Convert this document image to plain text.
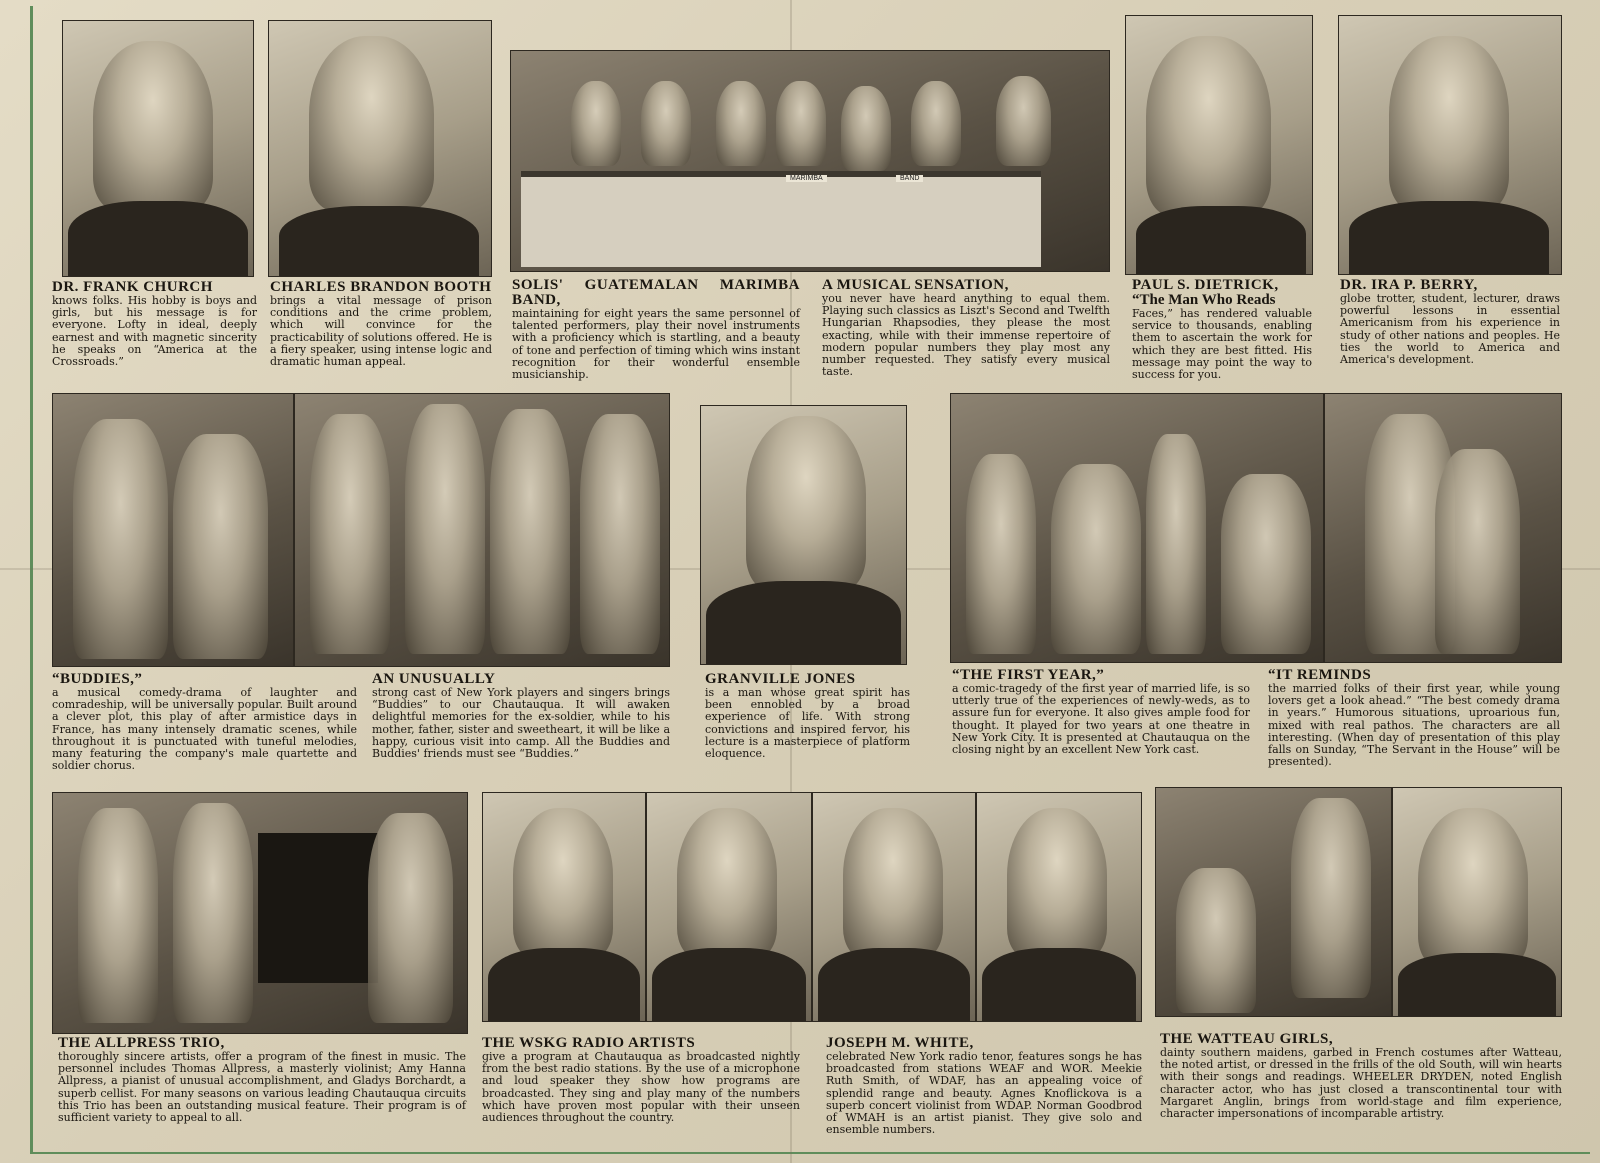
MARIMBA	BAND
DR. FRANK CHURCH
knows folks. His hobby is boys and girls, but his message is for everyone. Lofty in ideal, deeply earnest and with magnetic sincerity he speaks on “America at the Crossroads.”
CHARLES BRANDON BOOTH
brings a vital message of prison conditions and the crime problem, which will convince for the practicability of solutions offered. He is a fiery speaker, using intense logic and dramatic human appeal.
SOLIS' GUATEMALAN MARIMBA BAND,
maintaining for eight years the same personnel of talented performers, play their novel instruments with a proficiency which is startling, and a beauty of tone and perfection of timing which wins instant recognition for their wonderful ensemble musicianship.
A MUSICAL SENSATION,
you never have heard anything to equal them. Playing such classics as Liszt's Second and Twelfth Hungarian Rhapsodies, they please the most exacting, while with their immense repertoire of modern popular numbers they play most any number requested. They satisfy every musical taste.
PAUL S. DIETRICK,
“The Man Who Reads
Faces,” has rendered valuable service to thousands, enabling them to ascertain the work for which they are best fitted. His message may point the way to success for you.
DR. IRA P. BERRY,
globe trotter, student, lecturer, draws powerful lessons in essential Americanism from his experience in study of other nations and peoples. He ties the world to America and America's development.
“BUDDIES,”
a musical comedy-drama of laughter and comradeship, will be universally popular. Built around a clever plot, this play of after armistice days in France, has many intensely dramatic scenes, while throughout it is punctuated with tuneful melodies, many featuring the company's male quartette and soldier chorus.
AN UNUSUALLY
strong cast of New York players and singers brings “Buddies” to our Chautauqua. It will awaken delightful memories for the ex-soldier, while to his mother, father, sister and sweetheart, it will be like a happy, curious visit into camp. All the Buddies and Buddies' friends must see “Buddies.”
GRANVILLE JONES
is a man whose great spirit has been ennobled by a broad experience of life. With strong convictions and inspired fervor, his lecture is a masterpiece of platform eloquence.
“THE FIRST YEAR,”
a comic-tragedy of the first year of married life, is so utterly true of the experiences of newly-weds, as to assure fun for everyone. It also gives ample food for thought. It played for two years at one theatre in New York City. It is presented at Chautauqua on the closing night by an excellent New York cast.
“IT REMINDS
the married folks of their first year, while young lovers get a look ahead.” “The best comedy drama in years.” Humorous situations, uproarious fun, mixed with real pathos. The characters are all interesting. (When day of presentation of this play falls on Sunday, “The Servant in the House” will be presented).
THE ALLPRESS TRIO,
thoroughly sincere artists, offer a program of the finest in music. The personnel includes Thomas Allpress, a masterly violinist; Amy Hanna Allpress, a pianist of unusual accomplishment, and Gladys Borchardt, a superb cellist. For many seasons on various leading Chautauqua circuits this Trio has been an outstanding musical feature. Their program is of sufficient variety to appeal to all.
THE WSKG RADIO ARTISTS
give a program at Chautauqua as broadcasted nightly from the best radio stations. By the use of a microphone and loud speaker they show how programs are broadcasted. They sing and play many of the numbers which have proven most popular with their unseen audiences throughout the country.
JOSEPH M. WHITE,
celebrated New York radio tenor, features songs he has broadcasted from stations WEAF and WOR. Meekie Ruth Smith, of WDAF, has an appealing voice of splendid range and beauty. Agnes Knoflickova is a superb concert violinist from WDAP. Norman Goodbrod of WMAH is an artist pianist. They give solo and ensemble numbers.
THE WATTEAU GIRLS,
dainty southern maidens, garbed in French costumes after Watteau, the noted artist, or dressed in the frills of the old South, will win hearts with their songs and readings. WHEELER DRYDEN, noted English character actor, who has just closed a transcontinental tour with Margaret Anglin, brings from world-stage and film experience, character impersonations of incomparable artistry.
